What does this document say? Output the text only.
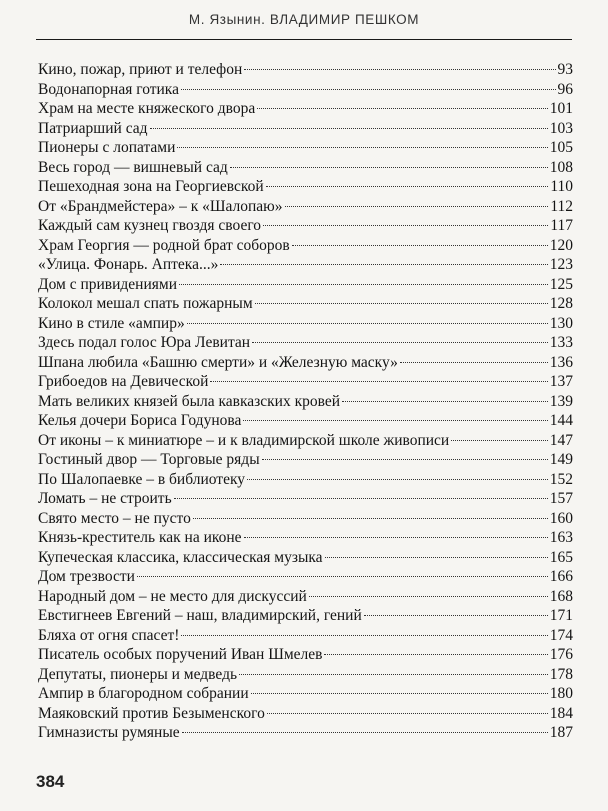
М. Язынин. ВЛАДИМИР ПЕШКОМ
Кино, пожар, приют и телефон	93
Водонапорная готика	96
Храм на месте княжеского двора	101
Патриарший сад	103
Пионеры с лопатами	105
Весь город — вишневый сад	108
Пешеходная зона на Георгиевской	110
От «Брандмейстера» – к «Шалопаю»	112
Каждый сам кузнец гвоздя своего	117
Храм Георгия — родной брат соборов	120
«Улица. Фонарь. Аптека...»	123
Дом с привидениями	125
Колокол мешал спать пожарным	128
Кино в стиле «ампир»	130
Здесь подал голос Юра Левитан	133
Шпана любила «Башню смерти» и «Железную маску»	136
Грибоедов на Девической	137
Мать великих князей была кавказских кровей	139
Келья дочери Бориса Годунова	144
От иконы – к миниатюре – и к владимирской школе живописи	147
Гостиный двор — Торговые ряды	149
По Шалопаевке – в библиотеку	152
Ломать – не строить	157
Свято место – не пусто	160
Князь-креститель как на иконе	163
Купеческая классика, классическая музыка	165
Дом трезвости	166
Народный дом – не место для дискуссий	168
Евстигнеев Евгений – наш, владимирский, гений	171
Бляха от огня спасет!	174
Писатель особых поручений Иван Шмелев	176
Депутаты, пионеры и медведь	178
Ампир в благородном собрании	180
Маяковский против Безыменского	184
Гимназисты румяные	187
384
